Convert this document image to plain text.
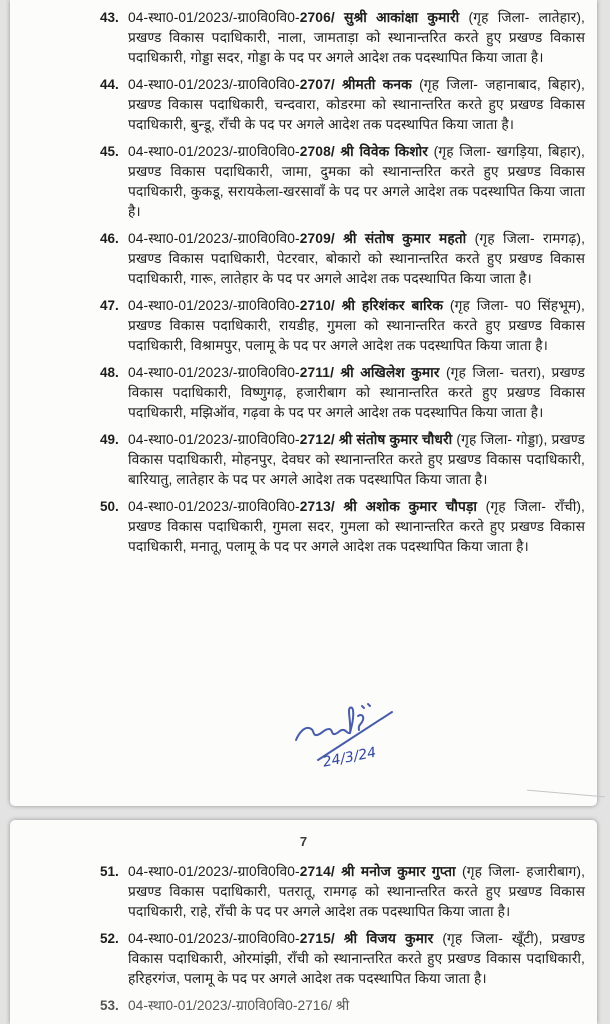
43. 04-स्था0-01/2023/-ग्रा0वि0वि0-2706/ सुश्री आकांक्षा कुमारी (गृह जिला- लातेहार), प्रखण्ड विकास पदाधिकारी, नाला, जामताड़ा को स्थानान्तरित करते हुए प्रखण्ड विकास पदाधिकारी, गोड्डा सदर, गोड्डा के पद पर अगले आदेश तक पदस्थापित किया जाता है।

44. 04-स्था0-01/2023/-ग्रा0वि0वि0-2707/ श्रीमती कनक (गृह जिला- जहानाबाद, बिहार), प्रखण्ड विकास पदाधिकारी, चन्दवारा, कोडरमा को स्थानान्तरित करते हुए प्रखण्ड विकास पदाधिकारी, बुन्डू, राँची के पद पर अगले आदेश तक पदस्थापित किया जाता है।

45. 04-स्था0-01/2023/-ग्रा0वि0वि0-2708/ श्री विवेक किशोर (गृह जिला- खगड़िया, बिहार), प्रखण्ड विकास पदाधिकारी, जामा, दुमका को स्थानान्तरित करते हुए प्रखण्ड विकास पदाधिकारी, कुकडू, सरायकेला-खरसावाँ के पद पर अगले आदेश तक पदस्थापित किया जाता है।

46. 04-स्था0-01/2023/-ग्रा0वि0वि0-2709/ श्री संतोष कुमार महतो (गृह जिला- रामगढ़), प्रखण्ड विकास पदाधिकारी, पेटरवार, बोकारो को स्थानान्तरित करते हुए प्रखण्ड विकास पदाधिकारी, गारू, लातेहार के पद पर अगले आदेश तक पदस्थापित किया जाता है।

47. 04-स्था0-01/2023/-ग्रा0वि0वि0-2710/ श्री हरिशंकर बारिक (गृह जिला- प0 सिंहभूम), प्रखण्ड विकास पदाधिकारी, रायडीह, गुमला को स्थानान्तरित करते हुए प्रखण्ड विकास पदाधिकारी, विश्रामपुर, पलामू के पद पर अगले आदेश तक पदस्थापित किया जाता है।

48. 04-स्था0-01/2023/-ग्रा0वि0वि0-2711/ श्री अखिलेश कुमार (गृह जिला- चतरा), प्रखण्ड विकास पदाधिकारी, विष्णुगढ़, हजारीबाग को स्थानान्तरित करते हुए प्रखण्ड विकास पदाधिकारी, मझिऑव, गढ़वा के पद पर अगले आदेश तक पदस्थापित किया जाता है।

49. 04-स्था0-01/2023/-ग्रा0वि0वि0-2712/ श्री संतोष कुमार चौधरी (गृह जिला- गोड्डा), प्रखण्ड विकास पदाधिकारी, मोहनपुर, देवघर को स्थानान्तरित करते हुए प्रखण्ड विकास पदाधिकारी, बारियातु, लातेहार के पद पर अगले आदेश तक पदस्थापित किया जाता है।

50. 04-स्था0-01/2023/-ग्रा0वि0वि0-2713/ श्री अशोक कुमार चौपड़ा (गृह जिला- राँची), प्रखण्ड विकास पदाधिकारी, गुमला सदर, गुमला को स्थानान्तरित करते हुए प्रखण्ड विकास पदाधिकारी, मनातू, पलामू के पद पर अगले आदेश तक पदस्थापित किया जाता है।

24/3/24
7
51. 04-स्था0-01/2023/-ग्रा0वि0वि0-2714/ श्री मनोज कुमार गुप्ता (गृह जिला- हजारीबाग), प्रखण्ड विकास पदाधिकारी, पतरातू, रामगढ़ को स्थानान्तरित करते हुए प्रखण्ड विकास पदाधिकारी, राहे, राँची के पद पर अगले आदेश तक पदस्थापित किया जाता है।

52. 04-स्था0-01/2023/-ग्रा0वि0वि0-2715/ श्री विजय कुमार (गृह जिला- खूँटी), प्रखण्ड विकास पदाधिकारी, ओरमांझी, राँची को स्थानान्तरित करते हुए प्रखण्ड विकास पदाधिकारी, हरिहरगंज, पलामू के पद पर अगले आदेश तक पदस्थापित किया जाता है।

53. 04-स्था0-01/2023/-ग्रा0वि0वि0-2716/ श्री
